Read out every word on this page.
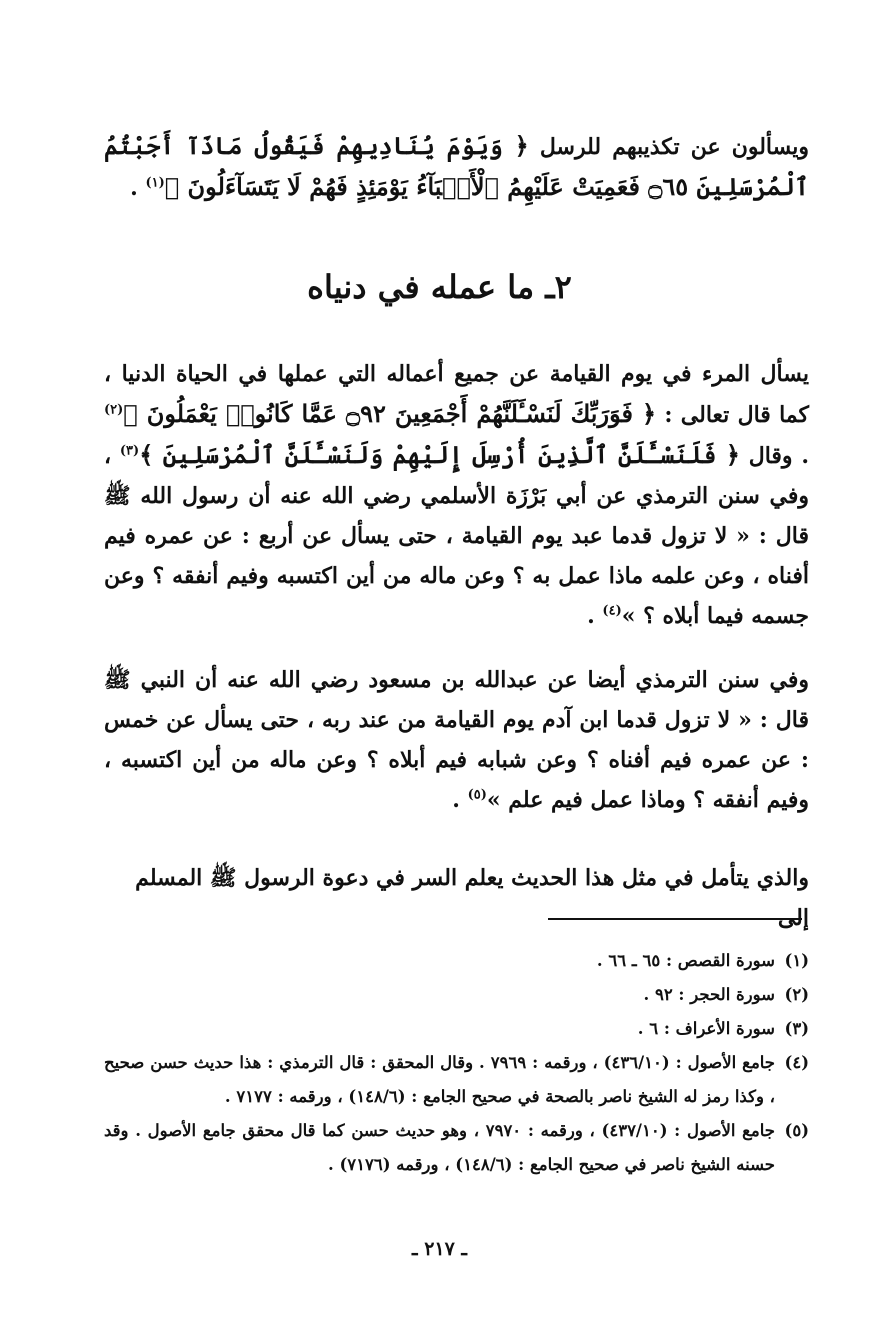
ويسألون عن تكذيبهم للرسل ﴿ وَيَوْمَ يُنَادِيهِمْ فَيَقُولُ مَاذَآ أَجَبْتُمُ ٱلْمُرْسَلِينَ ۝٦٥ فَعَمِيَتْ عَلَيْهِمُ ٱلْأَنۢبَآءُ يَوْمَئِذٍ فَهُمْ لَا يَتَسَآءَلُونَ ﴾$^{(١)}$ .

٢ـ ما عمله في دنياه

يسأل المرء في يوم القيامة عن جميع أعماله التي عملها في الحياة الدنيا ، كما قال تعالى : ﴿ فَوَرَبِّكَ لَنَسْـَٔلَنَّهُمْ أَجْمَعِينَ ۝٩٢ عَمَّا كَانُوا۟ يَعْمَلُونَ ﴾$^{(٢)}$ . وقال ﴿ فَلَنَسْـَٔلَنَّ ٱلَّذِينَ أُرْسِلَ إِلَيْهِمْ وَلَنَسْـَٔلَنَّ ٱلْمُرْسَلِينَ ﴾$^{(٣)}$ ، وفي سنن الترمذي عن أبي بَرْزَة الأسلمي رضي الله عنه أن رسول الله ﷺ قال : « لا تزول قدما عبد يوم القيامة ، حتى يسأل عن أربع : عن عمره فيم أفناه ، وعن علمه ماذا عمل به ؟ وعن ماله من أين اكتسبه وفيم أنفقه ؟ وعن جسمه فيما أبلاه ؟ »$^{(٤)}$ .

وفي سنن الترمذي أيضا عن عبدالله بن مسعود رضي الله عنه أن النبي ﷺ قال : « لا تزول قدما ابن آدم يوم القيامة من عند ربه ، حتى يسأل عن خمس : عن عمره فيم أفناه ؟ وعن شبابه فيم أبلاه ؟ وعن ماله من أين اكتسبه ، وفيم أنفقه ؟ وماذا عمل فيم علم »$^{(٥)}$ .

والذي يتأمل في مثل هذا الحديث يعلم السر في دعوة الرسول ﷺ المسلم إلى

(١)سورة القصص : ٦٥ ـ ٦٦ .
(٢)سورة الحجر : ٩٢ .
(٣)سورة الأعراف : ٦ .
(٤)
جامع الأصول : (٤٣٦/١٠) ، ورقمه : ٧٩٦٩ . وقال المحقق : قال الترمذي : هذا حديث حسن صحيح ، وكذا رمز له الشيخ ناصر بالصحة في صحيح الجامع : (١٤٨/٦) ، ورقمه : ٧١٧٧ .
(٥)
جامع الأصول : (٤٣٧/١٠) ، ورقمه : ٧٩٧٠ ، وهو حديث حسن كما قال محقق جامع الأصول . وقد حسنه الشيخ ناصر في صحيح الجامع : (١٤٨/٦) ، ورقمه (٧١٧٦) .
ـ ٢١٧ ـ
